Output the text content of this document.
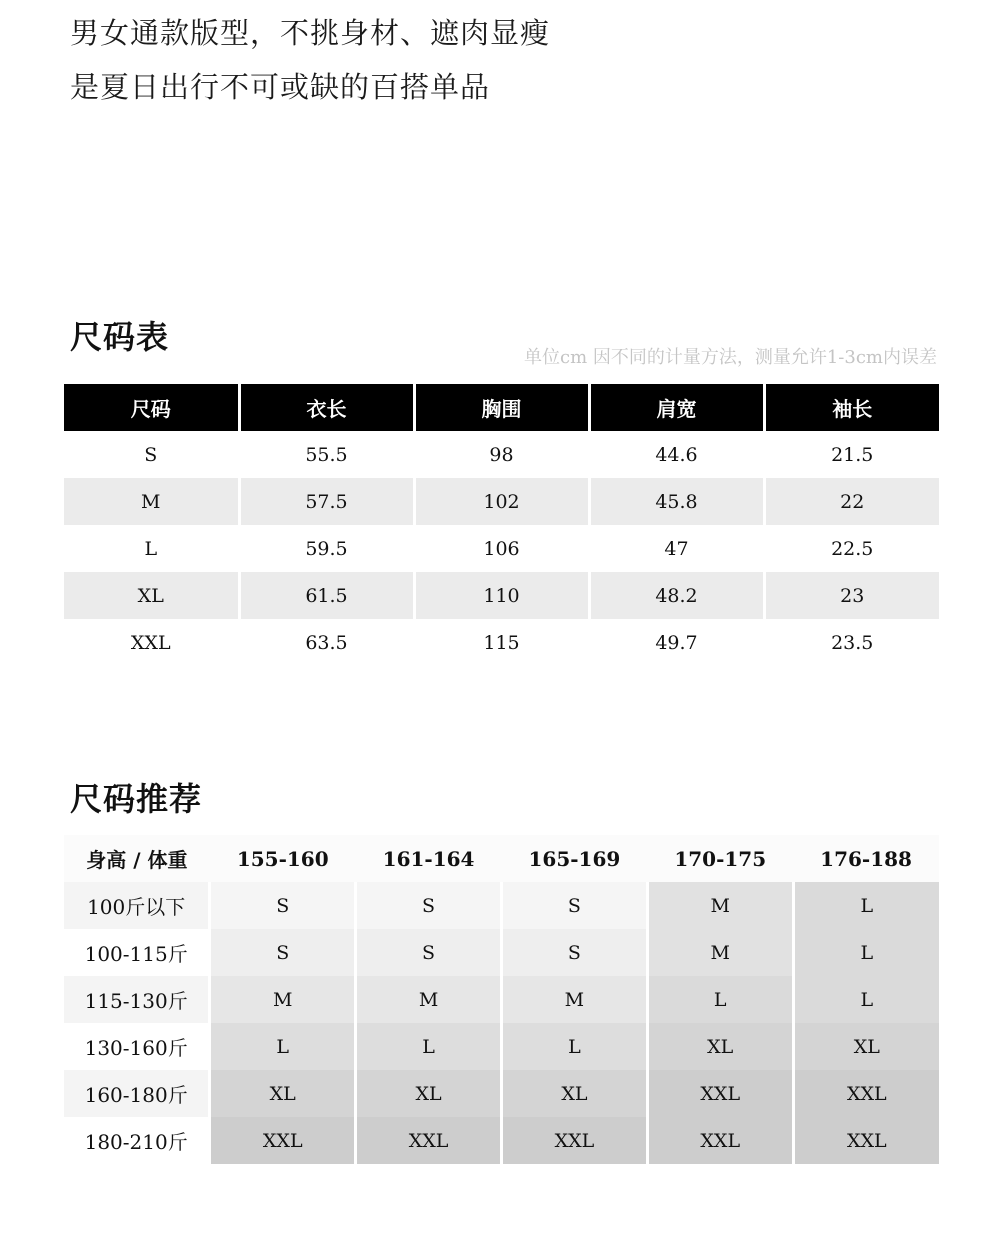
男女通款版型，不挑身材、遮肉显瘦
是夏日出行不可或缺的百搭单品
尺码表
单位cm 因不同的计量方法，测量允许1-3cm内误差
尺码	衣长	胸围	肩宽	袖长
S	55.5	98	44.6	21.5
M	57.5	102	45.8	22
L	59.5	106	47	22.5
XL	61.5	110	48.2	23
XXL	63.5	115	49.7	23.5
尺码推荐
身高 / 体重	155-160	161-164	165-169	170-175	176-188
100斤以下	S	S	S	M	L
100-115斤	S	S	S	M	L
115-130斤	M	M	M	L	L
130-160斤	L	L	L	XL	XL
160-180斤	XL	XL	XL	XXL	XXL
180-210斤	XXL	XXL	XXL	XXL	XXL
